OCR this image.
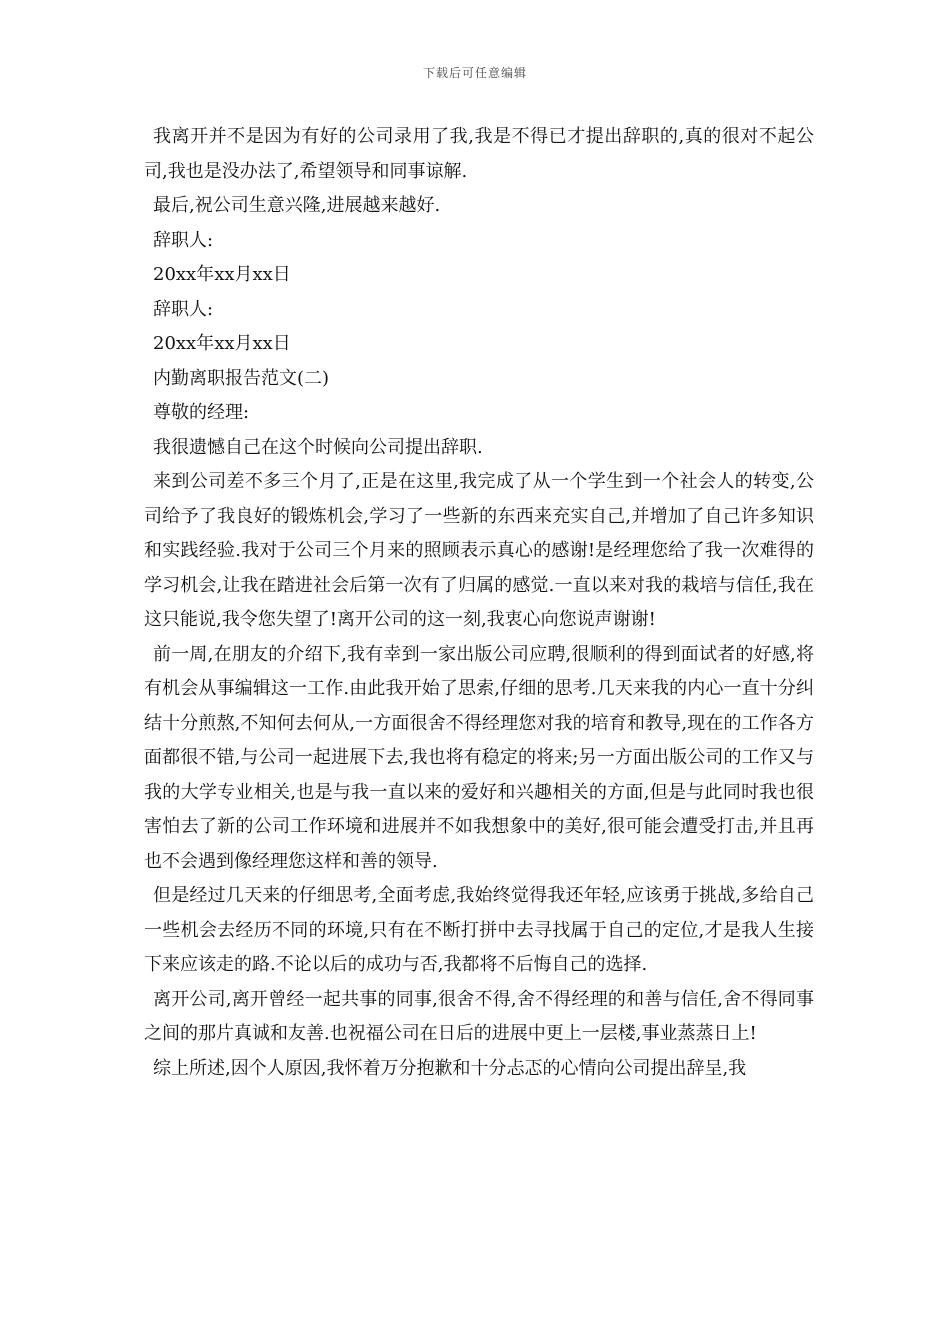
下载后可任意编辑

我离开并不是因为有好的公司录用了我,我是不得已才提出辞职的,真的很对不起公司,我也是没办法了,希望领导和同事谅解.

最后,祝公司生意兴隆,进展越来越好.

辞职人:

20xx年xx月xx日

辞职人:

20xx年xx月xx日

内勤离职报告范文(二)

尊敬的经理:

我很遗憾自己在这个时候向公司提出辞职.

来到公司差不多三个月了,正是在这里,我完成了从一个学生到一个社会人的转变,公司给予了我良好的锻炼机会,学习了一些新的东西来充实自己,并增加了自己许多知识和实践经验.我对于公司三个月来的照顾表示真心的感谢!是经理您给了我一次难得的学习机会,让我在踏进社会后第一次有了归属的感觉.一直以来对我的栽培与信任,我在这只能说,我令您失望了!离开公司的这一刻,我衷心向您说声谢谢!

前一周,在朋友的介绍下,我有幸到一家出版公司应聘,很顺利的得到面试者的好感,将有机会从事编辑这一工作.由此我开始了思索,仔细的思考.几天来我的内心一直十分纠结十分煎熬,不知何去何从,一方面很舍不得经理您对我的培育和教导,现在的工作各方面都很不错,与公司一起进展下去,我也将有稳定的将来;另一方面出版公司的工作又与我的大学专业相关,也是与我一直以来的爱好和兴趣相关的方面,但是与此同时我也很害怕去了新的公司工作环境和进展并不如我想象中的美好,很可能会遭受打击,并且再也不会遇到像经理您这样和善的领导.

但是经过几天来的仔细思考,全面考虑,我始终觉得我还年轻,应该勇于挑战,多给自己一些机会去经历不同的环境,只有在不断打拼中去寻找属于自己的定位,才是我人生接下来应该走的路.不论以后的成功与否,我都将不后悔自己的选择.

离开公司,离开曾经一起共事的同事,很舍不得,舍不得经理的和善与信任,舍不得同事之间的那片真诚和友善.也祝福公司在日后的进展中更上一层楼,事业蒸蒸日上!

综上所述,因个人原因,我怀着万分抱歉和十分忐忑的心情向公司提出辞呈,我
